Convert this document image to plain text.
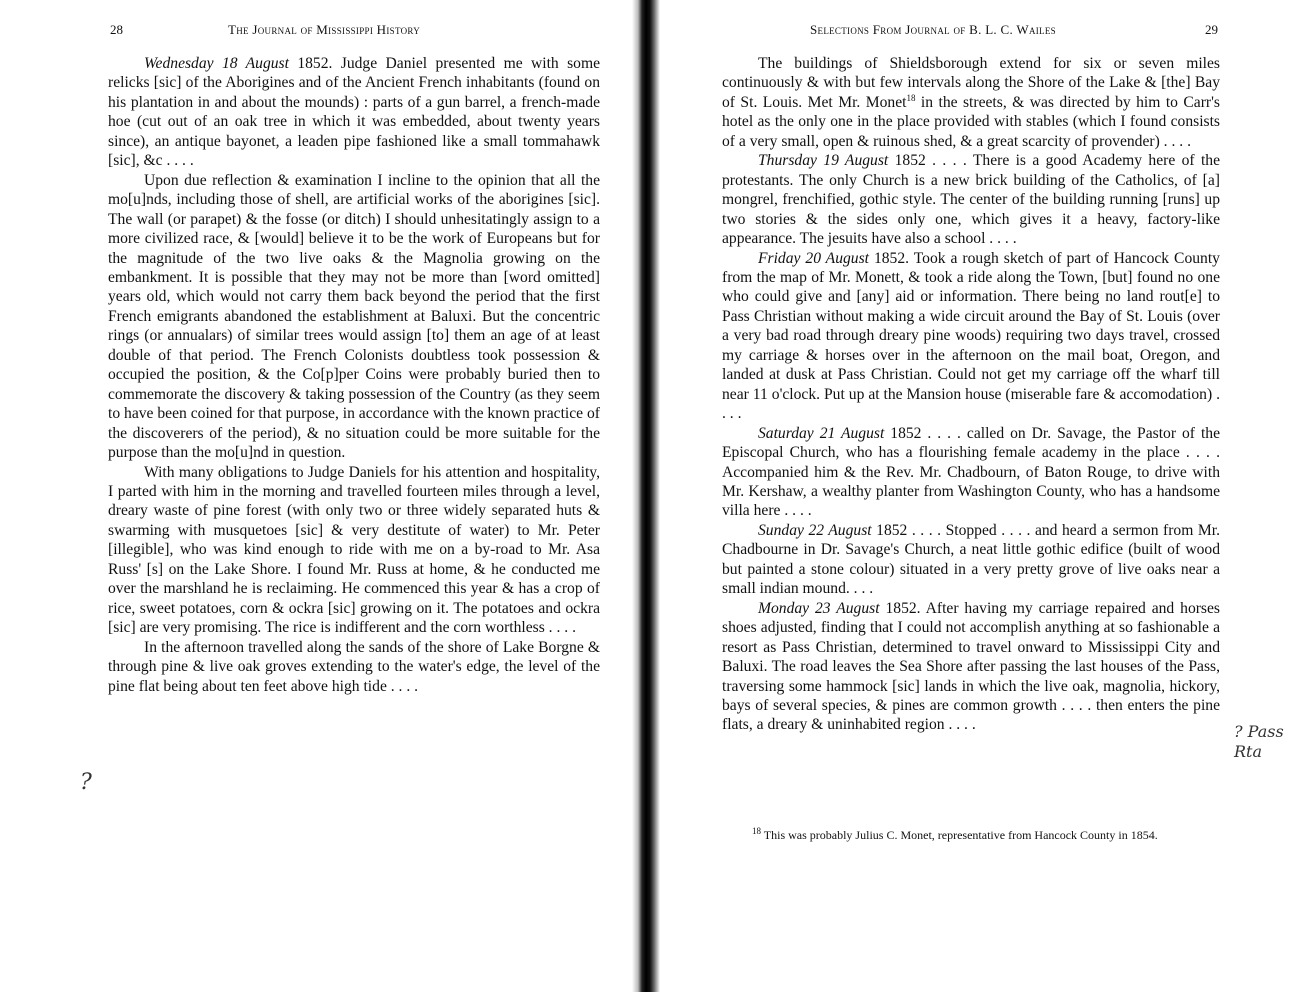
28	The Journal of Mississippi History

Wednesday 18 August 1852. Judge Daniel presented me with some relicks [sic] of the Aborigines and of the Ancient French inhabitants (found on his plantation in and about the mounds) : parts of a gun barrel, a french-made hoe (cut out of an oak tree in which it was embedded, about twenty years since), an antique bayonet, a leaden pipe fashioned like a small tommahawk [sic], &c . . . .

Upon due reflection & examination I incline to the opinion that all the mo[u]nds, including those of shell, are artificial works of the aborigines [sic]. The wall (or parapet) & the fosse (or ditch) I should unhesitatingly assign to a more civilized race, & [would] believe it to be the work of Europeans but for the magnitude of the two live oaks & the Magnolia growing on the embankment. It is possible that they may not be more than [word omitted] years old, which would not carry them back beyond the period that the first French emigrants abandoned the establishment at Baluxi. But the concentric rings (or annualars) of similar trees would assign [to] them an age of at least double of that period. The French Colonists doubtless took possession & occupied the position, & the Co[p]per Coins were probably buried then to commemorate the discovery & taking possession of the Country (as they seem to have been coined for that purpose, in accordance with the known practice of the discoverers of the period), & no situation could be more suitable for the purpose than the mo[u]nd in question.

With many obligations to Judge Daniels for his attention and hospitality, I parted with him in the morning and travelled fourteen miles through a level, dreary waste of pine forest (with only two or three widely separated huts & swarming with musquetoes [sic] & very destitute of water) to Mr. Peter [illegible], who was kind enough to ride with me on a by-road to Mr. Asa Russ' [s] on the Lake Shore. I found Mr. Russ at home, & he conducted me over the marshland he is reclaiming. He commenced this year & has a crop of rice, sweet potatoes, corn & ockra [sic] growing on it. The potatoes and ockra [sic] are very promising. The rice is indifferent and the corn worthless . . . .

In the afternoon travelled along the sands of the shore of Lake Borgne & through pine & live oak groves extending to the water's edge, the level of the pine flat being about ten feet above high tide . . . .

?
Selections From Journal of B. L. C. Wailes	29

The buildings of Shieldsborough extend for six or seven miles continuously & with but few intervals along the Shore of the Lake & [the] Bay of St. Louis. Met Mr. Monet$^{18}$ in the streets, & was directed by him to Carr's hotel as the only one in the place provided with stables (which I found consists of a very small, open & ruinous shed, & a great scarcity of provender) . . . .

Thursday 19 August 1852 . . . . There is a good Academy here of the protestants. The only Church is a new brick building of the Catholics, of [a] mongrel, frenchified, gothic style. The center of the building running [runs] up two stories & the sides only one, which gives it a heavy, factory-like appearance. The jesuits have also a school . . . .

Friday 20 August 1852. Took a rough sketch of part of Hancock County from the map of Mr. Monett, & took a ride along the Town, [but] found no one who could give and [any] aid or information. There being no land rout[e] to Pass Christian without making a wide circuit around the Bay of St. Louis (over a very bad road through dreary pine woods) requiring two days travel, crossed my carriage & horses over in the afternoon on the mail boat, Oregon, and landed at dusk at Pass Christian. Could not get my carriage off the wharf till near 11 o'clock. Put up at the Mansion house (miserable fare & accomodation) . . . .

Saturday 21 August 1852 . . . . called on Dr. Savage, the Pastor of the Episcopal Church, who has a flourishing female academy in the place . . . . Accompanied him & the Rev. Mr. Chadbourn, of Baton Rouge, to drive with Mr. Kershaw, a wealthy planter from Washington County, who has a handsome villa here . . . .

Sunday 22 August 1852 . . . . Stopped . . . . and heard a sermon from Mr. Chadbourne in Dr. Savage's Church, a neat little gothic edifice (built of wood but painted a stone colour) situated in a very pretty grove of live oaks near a small indian mound. . . .

Monday 23 August 1852. After having my carriage repaired and horses shoes adjusted, finding that I could not accomplish anything at so fashionable a resort as Pass Christian, determined to travel onward to Mississippi City and Baluxi. The road leaves the Sea Shore after passing the last houses of the Pass, traversing some hammock [sic] lands in which the live oak, magnolia, hickory, bays of several species, & pines are common growth . . . . then enters the pine flats, a dreary & uninhabited region . . . .

$^{18}$ This was probably Julius C. Monet, representative from Hancock County in 1854.

? Pass
Rta
